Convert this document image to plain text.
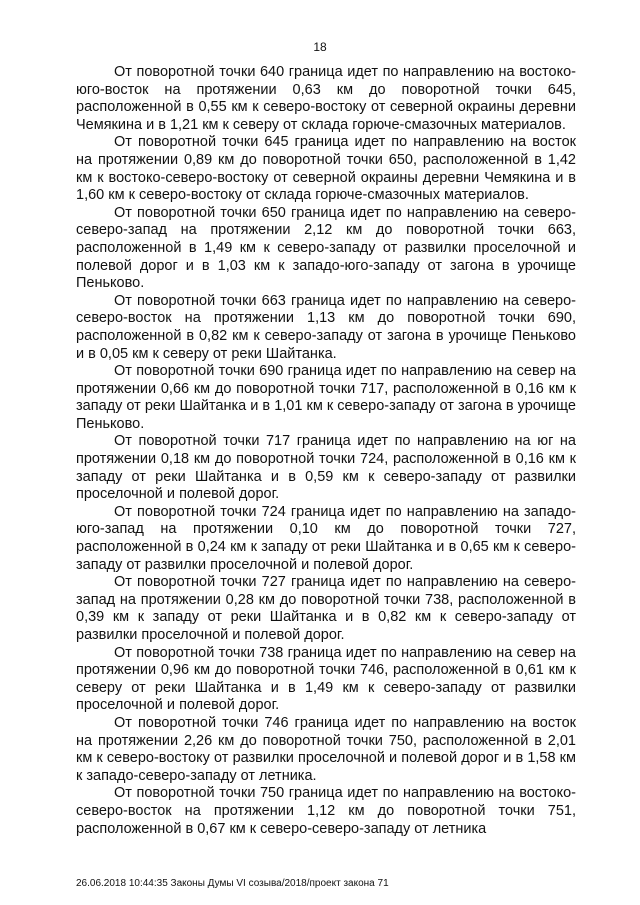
18

От поворотной точки 640 граница идет по направлению на востоко-юго-восток на протяжении 0,63 км до поворотной точки 645, расположенной в 0,55 км к северо-востоку от северной окраины деревни Чемякина и в 1,21 км к северу от склада горюче-смазочных материалов.

От поворотной точки 645 граница идет по направлению на восток на протяжении 0,89 км до поворотной точки 650, расположенной в 1,42 км к востоко-северо-востоку от северной окраины деревни Чемякина и в 1,60 км к северо-востоку от склада горюче-смазочных материалов.

От поворотной точки 650 граница идет по направлению на северо-северо-запад на протяжении 2,12 км до поворотной точки 663, расположенной в 1,49 км к северо-западу от развилки проселочной и полевой дорог и в 1,03 км к западо-юго-западу от загона в урочище Пеньково.

От поворотной точки 663 граница идет по направлению на северо-северо-восток на протяжении 1,13 км до поворотной точки 690, расположенной в 0,82 км к северо-западу от загона в урочище Пеньково и в 0,05 км к северу от реки Шайтанка.

От поворотной точки 690 граница идет по направлению на север на протяжении 0,66 км до поворотной точки 717, расположенной в 0,16 км к западу от реки Шайтанка и в 1,01 км к северо-западу от загона в урочище Пеньково.

От поворотной точки 717 граница идет по направлению на юг на протяжении 0,18 км до поворотной точки 724, расположенной в 0,16 км к западу от реки Шайтанка и в 0,59 км к северо-западу от развилки проселочной и полевой дорог.

От поворотной точки 724 граница идет по направлению на западо-юго-запад на протяжении 0,10 км до поворотной точки 727, расположенной в 0,24 км к западу от реки Шайтанка и в 0,65 км к северо-западу от развилки проселочной и полевой дорог.

От поворотной точки 727 граница идет по направлению на северо-запад на протяжении 0,28 км до поворотной точки 738, расположенной в 0,39 км к западу от реки Шайтанка и в 0,82 км к северо-западу от развилки проселочной и полевой дорог.

От поворотной точки 738 граница идет по направлению на север на протяжении 0,96 км до поворотной точки 746, расположенной в 0,61 км к северу от реки Шайтанка и в 1,49 км к северо-западу от развилки проселочной и полевой дорог.

От поворотной точки 746 граница идет по направлению на восток на протяжении 2,26 км до поворотной точки 750, расположенной в 2,01 км к северо-востоку от развилки проселочной и полевой дорог и в 1,58 км к западо-северо-западу от летника.

От поворотной точки 750 граница идет по направлению на востоко-северо-восток на протяжении 1,12 км до поворотной точки 751, расположенной в 0,67 км к северо-северо-западу от летника

26.06.2018 10:44:35 Законы Думы VI созыва/2018/проект закона 71
